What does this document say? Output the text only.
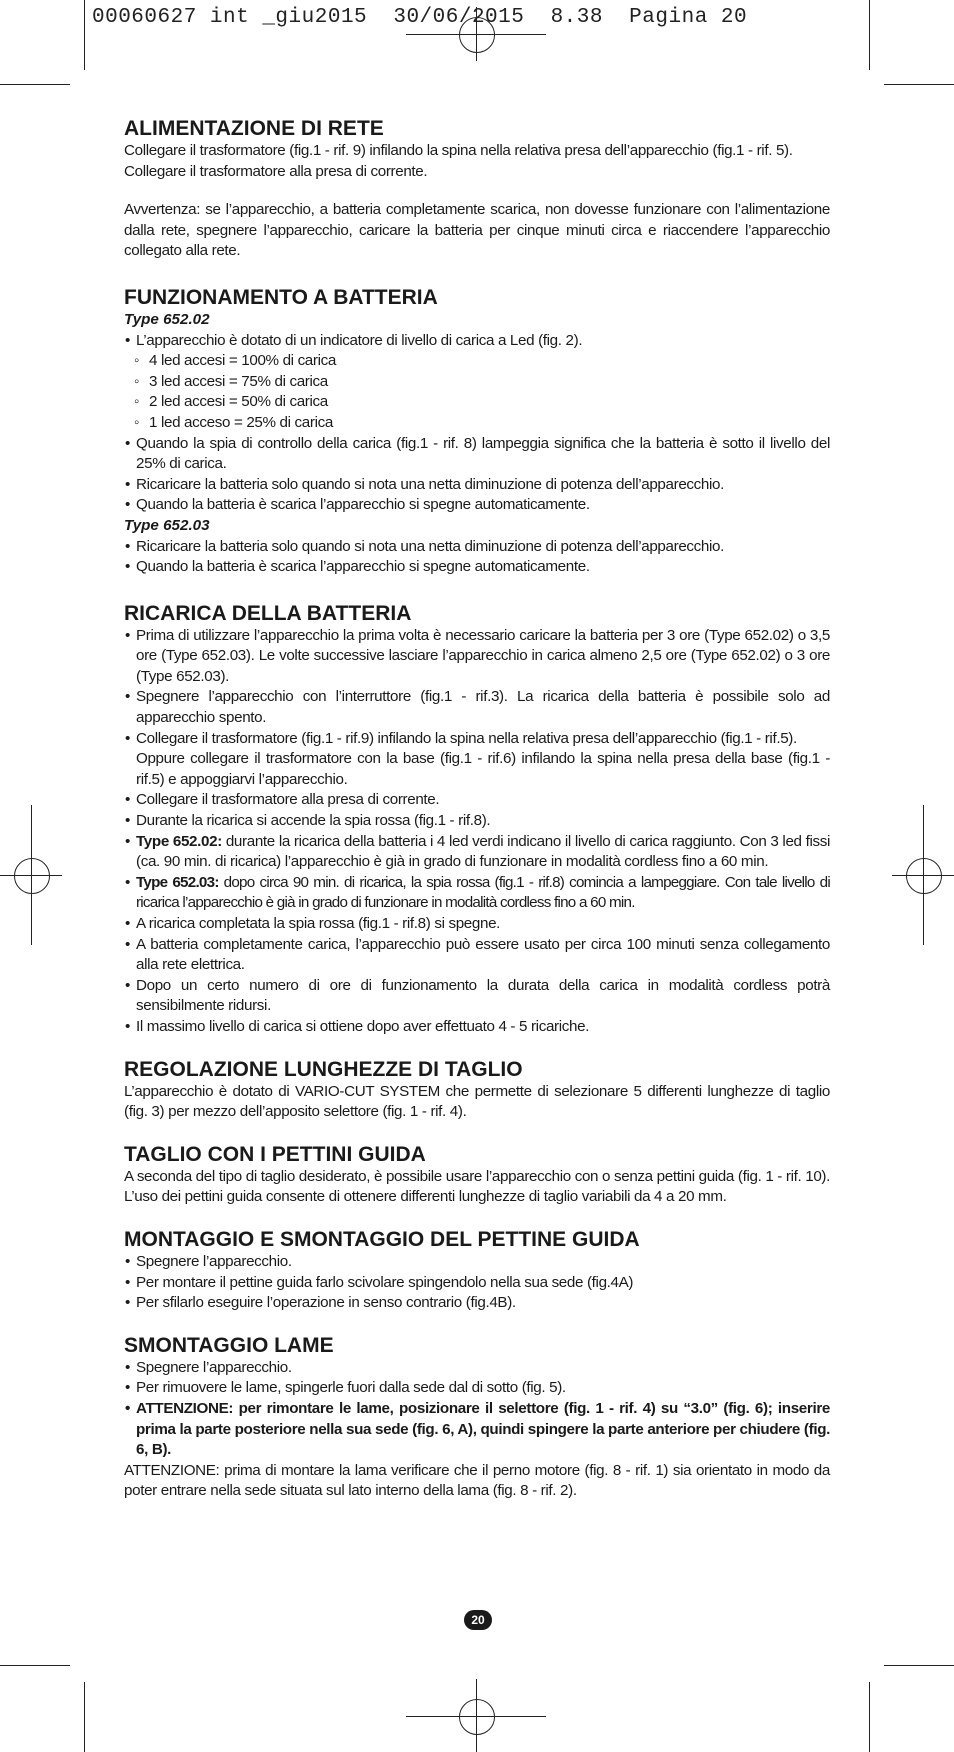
00060627 int _giu2015  30/06/2015  8.38  Pagina 20
ALIMENTAZIONE DI RETE

Collegare il trasformatore (fig.1 - rif. 9) infilando la spina nella relativa presa dell’apparecchio (fig.1 - rif. 5).

Collegare il trasformatore alla presa di corrente.

Avvertenza: se l’apparecchio, a batteria completamente scarica, non dovesse funzionare con l’alimentazione dalla rete, spegnere l’apparecchio, caricare la batteria per cinque minuti circa e riaccendere l’apparecchio collegato alla rete.

FUNZIONAMENTO A BATTERIA
Type 652.02
• L’apparecchio è dotato di un indicatore di livello di carica a Led (fig. 2).
◦ 4 led accesi = 100% di carica
◦ 3 led accesi = 75% di carica
◦ 2 led accesi = 50% di carica
◦ 1 led acceso = 25% di carica
• Quando la spia di controllo della carica (fig.1 - rif. 8) lampeggia significa che la batteria è sotto il livello del 25% di carica.
• Ricaricare la batteria solo quando si nota una netta diminuzione di potenza dell’apparecchio.
• Quando la batteria è scarica l’apparecchio si spegne automaticamente.
Type 652.03
• Ricaricare la batteria solo quando si nota una netta diminuzione di potenza dell’apparecchio.
• Quando la batteria è scarica l’apparecchio si spegne automaticamente.
RICARICA DELLA BATTERIA
• Prima di utilizzare l’apparecchio la prima volta è necessario caricare la batteria per 3 ore (Type 652.02) o 3,5 ore (Type 652.03). Le volte successive lasciare l’apparecchio in carica almeno 2,5 ore (Type 652.02) o 3 ore (Type 652.03).
• Spegnere l’apparecchio con l’interruttore (fig.1 - rif.3). La ricarica della batteria è possibile solo ad apparecchio spento.
• Collegare il trasformatore (fig.1 - rif.9) infilando la spina nella relativa presa dell’apparecchio (fig.1 - rif.5).

Oppure collegare il trasformatore con la base (fig.1 - rif.6) infilando la spina nella presa della base (fig.1 - rif.5) e appoggiarvi l’apparecchio.

• Collegare il trasformatore alla presa di corrente.
• Durante la ricarica si accende la spia rossa (fig.1 - rif.8).
• Type 652.02: durante la ricarica della batteria i 4 led verdi indicano il livello di carica raggiunto. Con 3 led fissi (ca. 90 min. di ricarica) l’apparecchio è già in grado di funzionare in modalità cordless fino a 60 min.
• Type 652.03: dopo circa 90 min. di ricarica, la spia rossa (fig.1 - rif.8) comincia a lampeggiare. Con tale livello di ricarica l’apparecchio è già in grado di funzionare in modalità cordless fino a 60 min.
• A ricarica completata la spia rossa (fig.1 - rif.8) si spegne.
• A batteria completamente carica, l’apparecchio può essere usato per circa 100 minuti senza collegamento alla rete elettrica.
• Dopo un certo numero di ore di funzionamento la durata della carica in modalità cordless potrà sensibilmente ridursi.
• Il massimo livello di carica si ottiene dopo aver effettuato 4 - 5 ricariche.
REGOLAZIONE LUNGHEZZE DI TAGLIO

L’apparecchio è dotato di VARIO-CUT SYSTEM che permette di selezionare 5 differenti lunghezze di taglio (fig. 3) per mezzo dell’apposito selettore (fig. 1 - rif. 4).

TAGLIO CON I PETTINI GUIDA

A seconda del tipo di taglio desiderato, è possibile usare l’apparecchio con o senza pettini guida (fig. 1 - rif. 10). L’uso dei pettini guida consente di ottenere differenti lunghezze di taglio variabili da 4 a 20 mm.

MONTAGGIO E SMONTAGGIO DEL PETTINE GUIDA
• Spegnere l’apparecchio.
• Per montare il pettine guida farlo scivolare spingendolo nella sua sede (fig.4A)
• Per sfilarlo eseguire l’operazione in senso contrario (fig.4B).
SMONTAGGIO LAME
• Spegnere l’apparecchio.
• Per rimuovere le lame, spingerle fuori dalla sede dal di sotto (fig. 5).
• ATTENZIONE: per rimontare le lame, posizionare il selettore (fig. 1 - rif. 4) su “3.0” (fig. 6); inserire prima la parte posteriore nella sua sede (fig. 6, A), quindi spingere la parte anteriore per chiudere (fig. 6, B).

ATTENZIONE: prima di montare la lama verificare che il perno motore (fig. 8 - rif. 1) sia orientato in modo da poter entrare nella sede situata sul lato interno della lama (fig. 8 - rif. 2).

20
